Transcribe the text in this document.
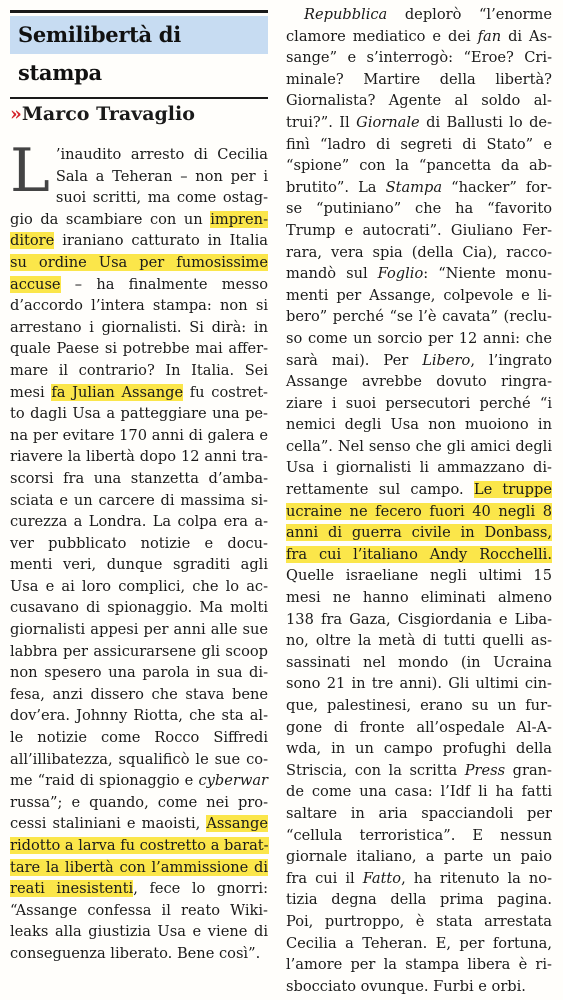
Semilibertà di stampa
» Marco Travaglio
L ’inaudito arresto di Cecilia
Sala a Teheran – non per i
suoi scritti, ma come ostag-
gio da scambiare con un impren-
ditore iraniano catturato in Italia
su ordine Usa per fumosissime
accuse – ha finalmente messo
d’accordo l’intera stampa: non si
arrestano i giornalisti. Si dirà: in
quale Paese si potrebbe mai affer-
mare il contrario? In Italia. Sei
mesi fa Julian Assange fu costret-
to dagli Usa a patteggiare una pe-
na per evitare 170 anni di galera e
riavere la libertà dopo 12 anni tra-
scorsi fra una stanzetta d’amba-
sciata e un carcere di massima si-
curezza a Londra. La colpa era a-
ver pubblicato notizie e docu-
menti veri, dunque sgraditi agli
Usa e ai loro complici, che lo ac-
cusavano di spionaggio. Ma molti
giornalisti appesi per anni alle sue
labbra per assicurarsene gli scoop
non spesero una parola in sua di-
fesa, anzi dissero che stava bene
dov’era. Johnny Riotta, che sta al-
le notizie come Rocco Siffredi
all’illibatezza, squalificò le sue co-
me “raid di spionaggio e cyberwar
russa”; e quando, come nei pro-
cessi staliniani e maoisti, Assange
ridotto a larva fu costretto a barat-
tare la libertà con l’ammissione di
reati inesistenti, fece lo gnorri:
“Assange confessa il reato Wiki-
leaks alla giustizia Usa e viene di
conseguenza liberato. Bene così”.
Repubblica deplorò “l’enorme
clamore mediatico e dei fan di As-
sange” e s’interrogò: “Eroe? Cri-
minale? Martire della libertà?
Giornalista? Agente al soldo al-
trui?”. Il Giornale di Ballusti lo de-
finì “ladro di segreti di Stato” e
“spione” con la “pancetta da ab-
brutito”. La Stampa “hacker” for-
se “putiniano” che ha “favorito
Trump e autocrati”. Giuliano Fer-
rara, vera spia (della Cia), racco-
mandò sul Foglio: “Niente monu-
menti per Assange, colpevole e li-
bero” perché “se l’è cavata” (reclu-
so come un sorcio per 12 anni: che
sarà mai). Per Libero, l’ingrato
Assange avrebbe dovuto ringra-
ziare i suoi persecutori perché “i
nemici degli Usa non muoiono in
cella”. Nel senso che gli amici degli
Usa i giornalisti li ammazzano di-
rettamente sul campo. Le truppe
ucraine ne fecero fuori 40 negli 8
anni di guerra civile in Donbass,
fra cui l’italiano Andy Rocchelli.
Quelle israeliane negli ultimi 15
mesi ne hanno eliminati almeno
138 fra Gaza, Cisgiordania e Liba-
no, oltre la metà di tutti quelli as-
sassinati nel mondo (in Ucraina
sono 21 in tre anni). Gli ultimi cin-
que, palestinesi, erano su un fur-
gone di fronte all’ospedale Al-A-
wda, in un campo profughi della
Striscia, con la scritta Press gran-
de come una casa: l’Idf li ha fatti
saltare in aria spacciandoli per
“cellula terroristica”. E nessun
giornale italiano, a parte un paio
fra cui il Fatto, ha ritenuto la no-
tizia degna della prima pagina.
Poi, purtroppo, è stata arrestata
Cecilia a Teheran. E, per fortuna,
l’amore per la stampa libera è ri-
sbocciato ovunque. Furbi e orbi.
